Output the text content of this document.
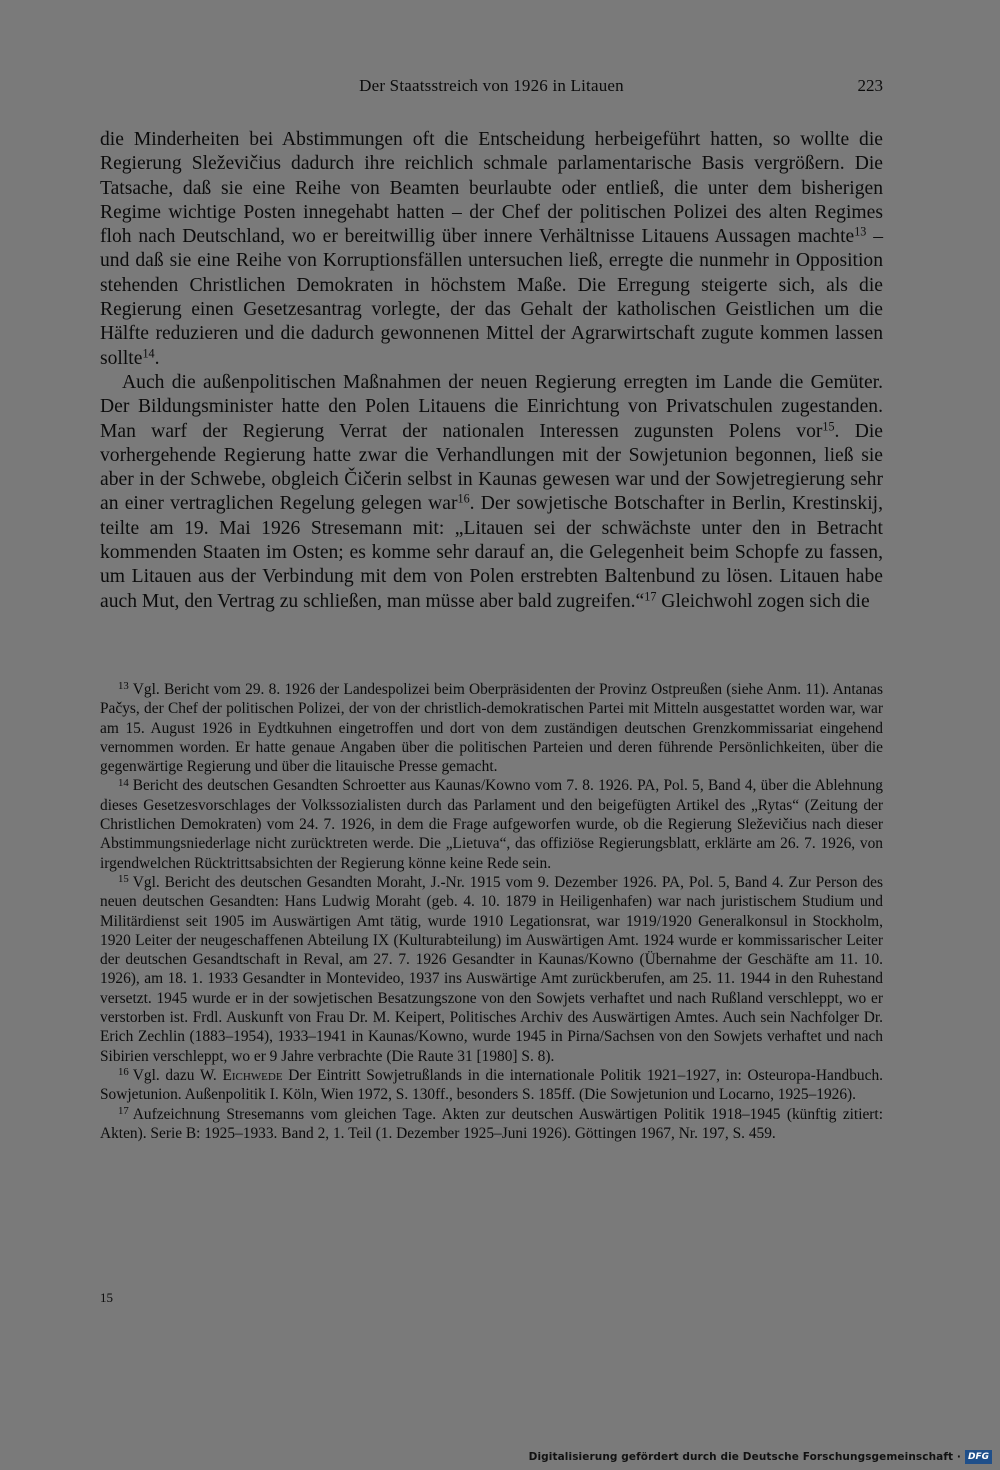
Der Staatsstreich von 1926 in Litauen	223

die Minderheiten bei Abstimmungen oft die Entscheidung herbeigeführt hatten, so wollte die Regierung Sleževičius dadurch ihre reichlich schmale parlamentarische Basis vergrößern. Die Tatsache, daß sie eine Reihe von Beamten beurlaubte oder entließ, die unter dem bisherigen Regime wichtige Posten innegehabt hatten – der Chef der politischen Polizei des alten Regimes floh nach Deutschland, wo er bereitwillig über innere Verhältnisse Litauens Aussagen machte$^{13}$ – und daß sie eine Reihe von Korruptionsfällen untersuchen ließ, erregte die nunmehr in Opposition stehenden Christlichen Demokraten in höchstem Maße. Die Erregung steigerte sich, als die Regierung einen Gesetzesantrag vorlegte, der das Gehalt der katholischen Geistlichen um die Hälfte reduzieren und die dadurch gewonnenen Mittel der Agrarwirtschaft zugute kommen lassen sollte$^{14}$.

Auch die außenpolitischen Maßnahmen der neuen Regierung erregten im Lande die Gemüter. Der Bildungsminister hatte den Polen Litauens die Einrichtung von Privatschulen zugestanden. Man warf der Regierung Verrat der nationalen Interessen zugunsten Polens vor$^{15}$. Die vorhergehende Regierung hatte zwar die Verhandlungen mit der Sowjetunion begonnen, ließ sie aber in der Schwebe, obgleich Čičerin selbst in Kaunas gewesen war und der Sowjetregierung sehr an einer vertraglichen Regelung gelegen war$^{16}$. Der sowjetische Botschafter in Berlin, Krestinskij, teilte am 19. Mai 1926 Stresemann mit: „Litauen sei der schwächste unter den in Betracht kommenden Staaten im Osten; es komme sehr darauf an, die Gelegenheit beim Schopfe zu fassen, um Litauen aus der Verbindung mit dem von Polen erstrebten Baltenbund zu lösen. Litauen habe auch Mut, den Vertrag zu schließen, man müsse aber bald zugreifen.“$^{17}$ Gleichwohl zogen sich die

$^{13}$ Vgl. Bericht vom 29. 8. 1926 der Landespolizei beim Oberpräsidenten der Provinz Ostpreußen (siehe Anm. 11). Antanas Pačys, der Chef der politischen Polizei, der von der christlich-demokratischen Partei mit Mitteln ausgestattet worden war, war am 15. August 1926 in Eydtkuhnen eingetroffen und dort von dem zuständigen deutschen Grenzkommissariat eingehend vernommen worden. Er hatte genaue Angaben über die politischen Parteien und deren führende Persönlichkeiten, über die gegenwärtige Regierung und über die litauische Presse gemacht.

$^{14}$ Bericht des deutschen Gesandten Schroetter aus Kaunas/Kowno vom 7. 8. 1926. PA, Pol. 5, Band 4, über die Ablehnung dieses Gesetzesvorschlages der Volkssozialisten durch das Parlament und den beigefügten Artikel des „Rytas“ (Zeitung der Christlichen Demokraten) vom 24. 7. 1926, in dem die Frage aufgeworfen wurde, ob die Regierung Sleževičius nach dieser Abstimmungsniederlage nicht zurücktreten werde. Die „Lietuva“, das offiziöse Regierungsblatt, erklärte am 26. 7. 1926, von irgendwelchen Rücktrittsabsichten der Regierung könne keine Rede sein.

$^{15}$ Vgl. Bericht des deutschen Gesandten Moraht, J.-Nr. 1915 vom 9. Dezember 1926. PA, Pol. 5, Band 4. Zur Person des neuen deutschen Gesandten: Hans Ludwig Moraht (geb. 4. 10. 1879 in Heiligenhafen) war nach juristischem Studium und Militärdienst seit 1905 im Auswärtigen Amt tätig, wurde 1910 Legationsrat, war 1919/1920 Generalkonsul in Stockholm, 1920 Leiter der neugeschaffenen Abteilung IX (Kulturabteilung) im Auswärtigen Amt. 1924 wurde er kommissarischer Leiter der deutschen Gesandtschaft in Reval, am 27. 7. 1926 Gesandter in Kaunas/Kowno (Übernahme der Geschäfte am 11. 10. 1926), am 18. 1. 1933 Gesandter in Montevideo, 1937 ins Auswärtige Amt zurückberufen, am 25. 11. 1944 in den Ruhestand versetzt. 1945 wurde er in der sowjetischen Besatzungszone von den Sowjets verhaftet und nach Rußland verschleppt, wo er verstorben ist. Frdl. Auskunft von Frau Dr. M. Keipert, Politisches Archiv des Auswärtigen Amtes. Auch sein Nachfolger Dr. Erich Zechlin (1883–1954), 1933–1941 in Kaunas/Kowno, wurde 1945 in Pirna/Sachsen von den Sowjets verhaftet und nach Sibirien verschleppt, wo er 9 Jahre verbrachte (Die Raute 31 [1980] S. 8).

$^{16}$ Vgl. dazu W. Eichwede Der Eintritt Sowjetrußlands in die internationale Politik 1921–1927, in: Osteuropa-Handbuch. Sowjetunion. Außenpolitik I. Köln, Wien 1972, S. 130ff., besonders S. 185ff. (Die Sowjetunion und Locarno, 1925–1926).

$^{17}$ Aufzeichnung Stresemanns vom gleichen Tage. Akten zur deutschen Auswärtigen Politik 1918–1945 (künftig zitiert: Akten). Serie B: 1925–1933. Band 2, 1. Teil (1. Dezember 1925–Juni 1926). Göttingen 1967, Nr. 197, S. 459.

15
Digitalisierung gefördert durch die Deutsche Forschungsgemeinschaft · DFG
